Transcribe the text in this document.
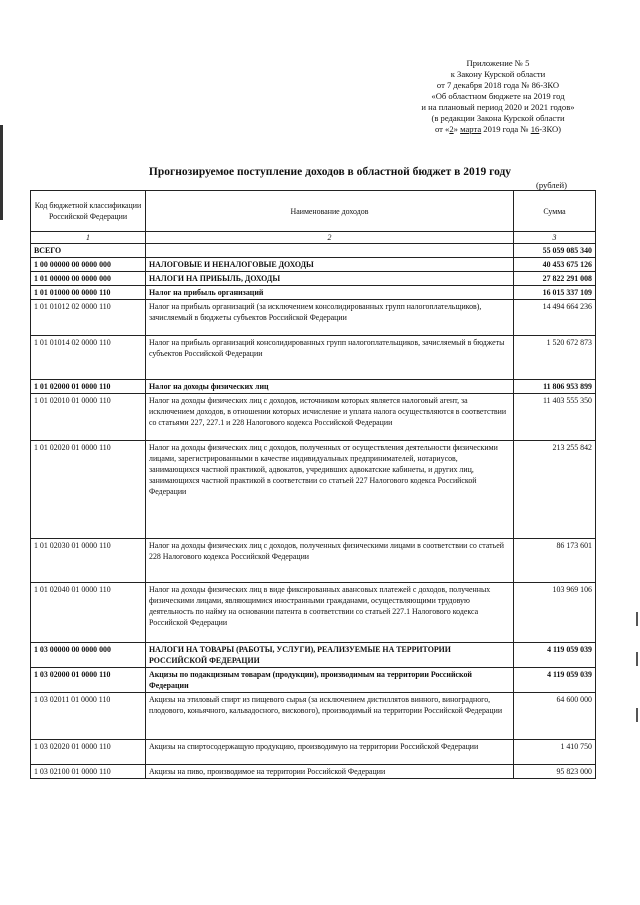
Приложение № 5
к Закону Курской области
от 7 декабря 2018 года № 86-ЗКО
«Об областном бюджете на 2019 год
и на плановый период 2020 и 2021 годов»
(в редакции Закона Курской области
от «2» марта 2019 года № 16-ЗКО)
Прогнозируемое поступление доходов в областной бюджет в 2019 году
(рублей)
Код бюджетной классификации Российской Федерации	Наименование доходов	Сумма
1	2	3
ВСЕГО		55 059 085 340
1 00 00000 00 0000 000	НАЛОГОВЫЕ И НЕНАЛОГОВЫЕ ДОХОДЫ	40 453 675 126
1 01 00000 00 0000 000	НАЛОГИ НА ПРИБЫЛЬ, ДОХОДЫ	27 822 291 008
1 01 01000 00 0000 110	Налог на прибыль организаций	16 015 337 109
1 01 01012 02 0000 110	Налог на прибыль организаций (за исключением консолидированных групп налогоплательщиков), зачисляемый в бюджеты субъектов Российской Федерации	14 494 664 236
1 01 01014 02 0000 110	Налог на прибыль организаций консолидированных групп налогоплательщиков, зачисляемый в бюджеты субъектов Российской Федерации	1 520 672 873
1 01 02000 01 0000 110	Налог на доходы физических лиц	11 806 953 899
1 01 02010 01 0000 110	Налог на доходы физических лиц с доходов, источником которых является налоговый агент, за исключением доходов, в отношении которых исчисление и уплата налога осуществляются в соответствии со статьями 227, 227.1 и 228 Налогового кодекса Российской Федерации	11 403 555 350
1 01 02020 01 0000 110	Налог на доходы физических лиц с доходов, полученных от осуществления деятельности физическими лицами, зарегистрированными в качестве индивидуальных предпринимателей, нотариусов, занимающихся частной практикой, адвокатов, учредивших адвокатские кабинеты, и других лиц, занимающихся частной практикой в соответствии со статьей 227 Налогового кодекса Российской Федерации	213 255 842
1 01 02030 01 0000 110	Налог на доходы физических лиц с доходов, полученных физическими лицами в соответствии со статьей 228 Налогового кодекса Российской Федерации	86 173 601
1 01 02040 01 0000 110	Налог на доходы физических лиц в виде фиксированных авансовых платежей с доходов, полученных физическими лицами, являющимися иностранными гражданами, осуществляющими трудовую деятельность по найму на основании патента в соответствии со статьей 227.1 Налогового кодекса Российской Федерации	103 969 106
1 03 00000 00 0000 000	НАЛОГИ НА ТОВАРЫ (РАБОТЫ, УСЛУГИ), РЕАЛИЗУЕМЫЕ НА ТЕРРИТОРИИ РОССИЙСКОЙ ФЕДЕРАЦИИ	4 119 059 039
1 03 02000 01 0000 110	Акцизы по подакцизным товарам (продукции), производимым на территории Российской Федерации	4 119 059 039
1 03 02011 01 0000 110	Акцизы на этиловый спирт из пищевого сырья (за исключением дистиллятов винного, виноградного, плодового, коньячного, кальвадосного, вискового), производимый на территории Российской Федерации	64 600 000
1 03 02020 01 0000 110	Акцизы на спиртосодержащую продукцию, производимую на территории Российской Федерации	1 410 750
1 03 02100 01 0000 110	Акцизы на пиво, производимое на территории Российской Федерации	95 823 000
